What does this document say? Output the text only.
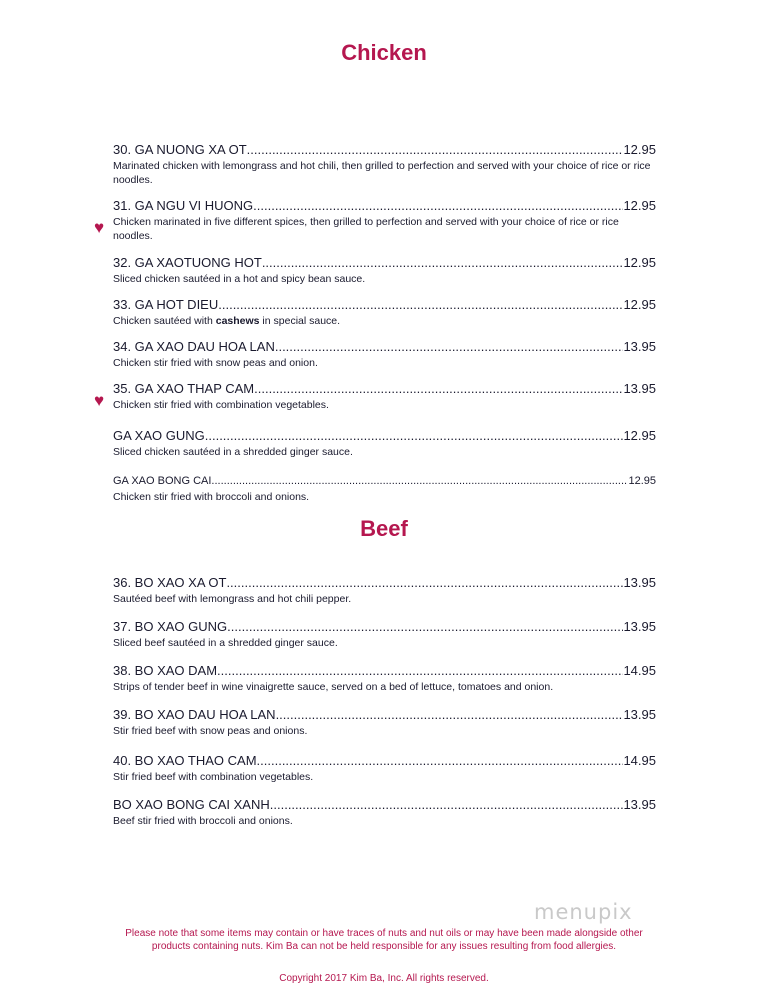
Chicken
30. GA NUONG XA OT .....	12.95
Marinated chicken with lemongrass and hot chili, then grilled to perfection and served with your choice of rice or rice noodles.
♥
31. GA NGU VI HUONG .....	12.95
Chicken marinated in five different spices, then grilled to perfection and served with your choice of rice or rice noodles.
32. GA XAOTUONG HOT .....	12.95
Sliced chicken sautéed in a hot and spicy bean sauce.
33. GA HOT DIEU .....	12.95
Chicken sautéed with cashews in special sauce.
34. GA XAO DAU HOA LAN .....	13.95
Chicken stir fried with snow peas and onion.
♥
35. GA XAO THAP CAM .....	13.95
Chicken stir fried with combination vegetables.
GA XAO GUNG .....	12.95
Sliced chicken sautéed in a shredded ginger sauce.
GA XAO BONG CAI .....	12.95
Chicken stir fried with broccoli and onions.
Beef
36. BO XAO XA OT .....	13.95
Sautéed beef with lemongrass and hot chili pepper.
37. BO XAO GUNG .....	13.95
Sliced beef sautéed in a shredded ginger sauce.
38. BO XAO DAM .....	14.95
Strips of tender beef in wine vinaigrette sauce, served on a bed of lettuce, tomatoes and onion.
39. BO XAO DAU HOA LAN .....	13.95
Stir fried beef with snow peas and onions.
40. BO XAO THAO CAM .....	14.95
Stir fried beef with combination vegetables.
BO XAO BONG CAI XANH .....	13.95
Beef stir fried with broccoli and onions.
menupix

Please note that some items may contain or have traces of nuts and nut oils or may have been made alongside other products containing nuts. Kim Ba can not be held responsible for any issues resulting from food allergies.

Copyright 2017 Kim Ba, Inc. All rights reserved.
